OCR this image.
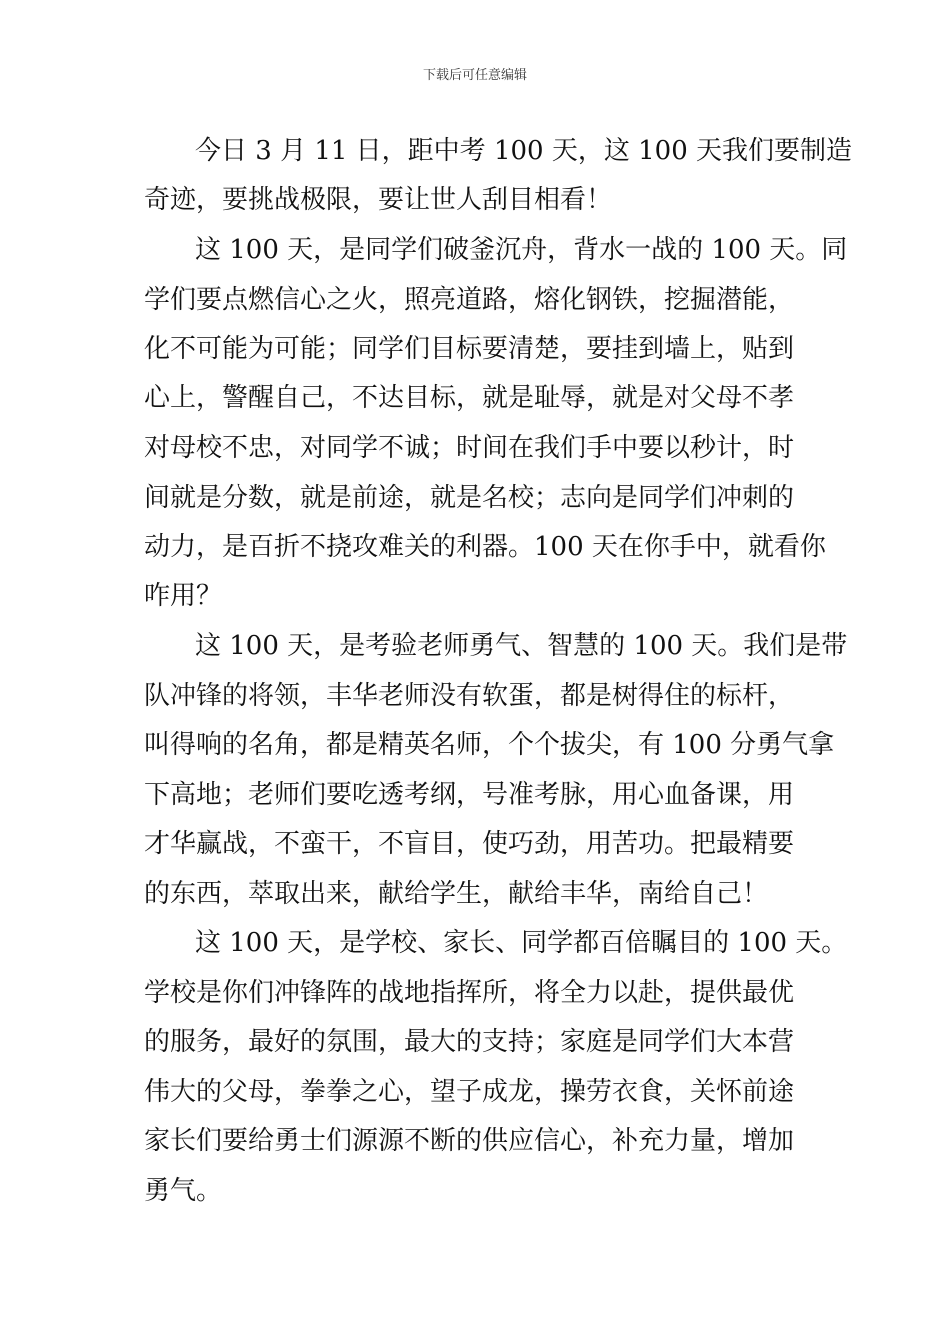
下载后可任意编辑
今日 3 月 11 日，距中考 100 天，这 100 天我们要制造
奇迹，要挑战极限，要让世人刮目相看！
这 100 天，是同学们破釜沉舟，背水一战的 100 天。同
学们要点燃信心之火，照亮道路，熔化钢铁，挖掘潜能，
化不可能为可能；同学们目标要清楚，要挂到墙上，贴到
心上，警醒自己，不达目标，就是耻辱，就是对父母不孝
对母校不忠，对同学不诚；时间在我们手中要以秒计，时
间就是分数，就是前途，就是名校；志向是同学们冲刺的
动力，是百折不挠攻难关的利器。100 天在你手中，就看你
咋用？
这 100 天，是考验老师勇气、智慧的 100 天。我们是带
队冲锋的将领，丰华老师没有软蛋，都是树得住的标杆，
叫得响的名角，都是精英名师，个个拔尖，有 100 分勇气拿
下高地；老师们要吃透考纲，号准考脉，用心血备课，用
才华赢战，不蛮干，不盲目，使巧劲，用苦功。把最精要
的东西，萃取出来，献给学生，献给丰华，南给自己！
这 100 天，是学校、家长、同学都百倍瞩目的 100 天。
学校是你们冲锋阵的战地指挥所，将全力以赴，提供最优
的服务，最好的氛围，最大的支持；家庭是同学们大本营
伟大的父母，拳拳之心，望子成龙，操劳衣食，关怀前途
家长们要给勇士们源源不断的供应信心，补充力量，增加
勇气。
